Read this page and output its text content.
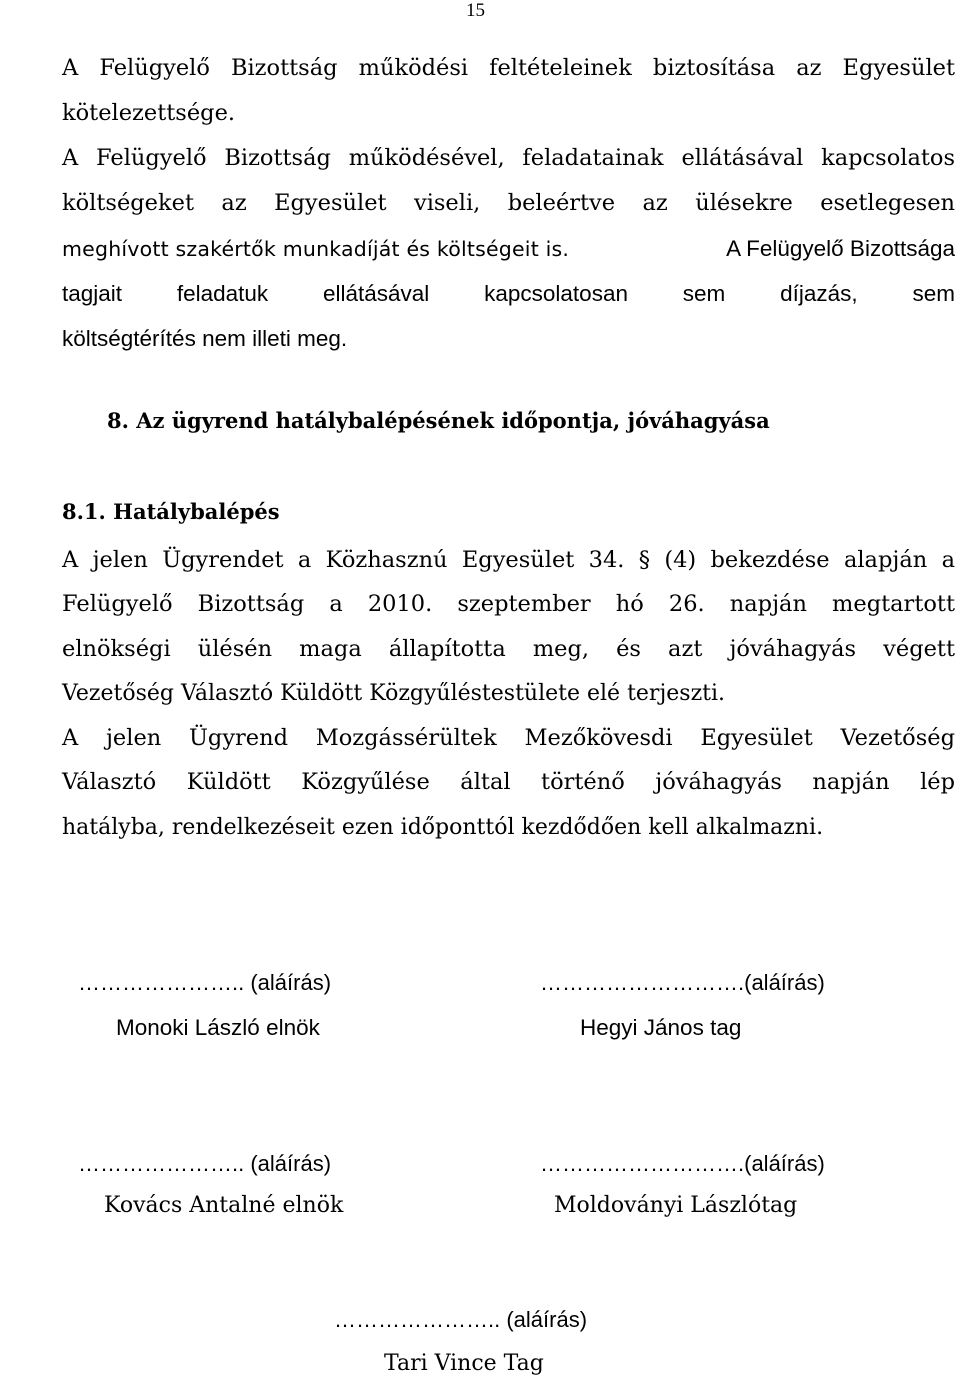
15
A Felügyelő Bizottság működési feltételeinek biztosítása az Egyesület
kötelezettsége.
A Felügyelő Bizottság működésével, feladatainak ellátásával kapcsolatos
költségeket az Egyesület viseli, beleértve az ülésekre esetlegesen
meghívott szakértők munkadíját és költségeit is.	A Felügyelő Bizottsága
tagjait feladatuk ellátásával kapcsolatosan sem díjazás, sem
költségtérítés nem illeti meg.
8. Az ügyrend hatálybalépésének időpontja, jóváhagyása
8.1. Hatálybalépés
A jelen Ügyrendet a Közhasznú Egyesület 34. § (4) bekezdése alapján a
Felügyelő Bizottság a 2010. szeptember hó 26. napján megtartott
elnökségi ülésén maga állapította meg, és azt jóváhagyás végett
Vezetőség Választó Küldött Közgyűléstestülete elé terjeszti.
A jelen Ügyrend Mozgássérültek Mezőkövesdi Egyesület Vezetőség
Választó Küldött Közgyűlése által történő jóváhagyás napján lép
hatályba, rendelkezéseit ezen időponttól kezdődően kell alkalmazni.
………………….. (aláírás)
Monoki László elnök
……………………….(aláírás)
Hegyi János tag
………………….. (aláírás)
Kovács Antalné elnök
……………………….(aláírás)
Moldoványi Lászlótag
………………….. (aláírás)
Tari Vince Tag
